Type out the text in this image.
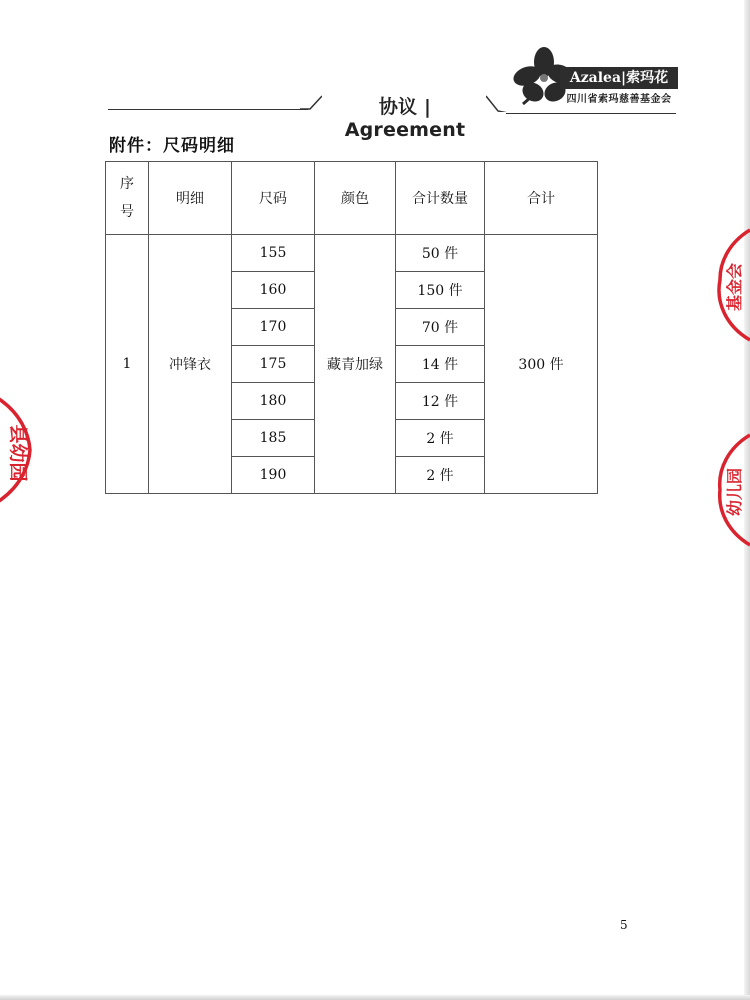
协议 | Agreement
Azalea|索玛花
四川省索玛慈善基金会
附件：尺码明细
序
号	明细	尺码	颜色	合计数量	合计
1	冲锋衣	155	藏青加绿	50 件	300 件
		160		150 件	
		170		70 件	
		175		14 件	
		180		12 件	
		185		2 件	
		190		2 件	
县幼园
基金会
幼儿园
5
